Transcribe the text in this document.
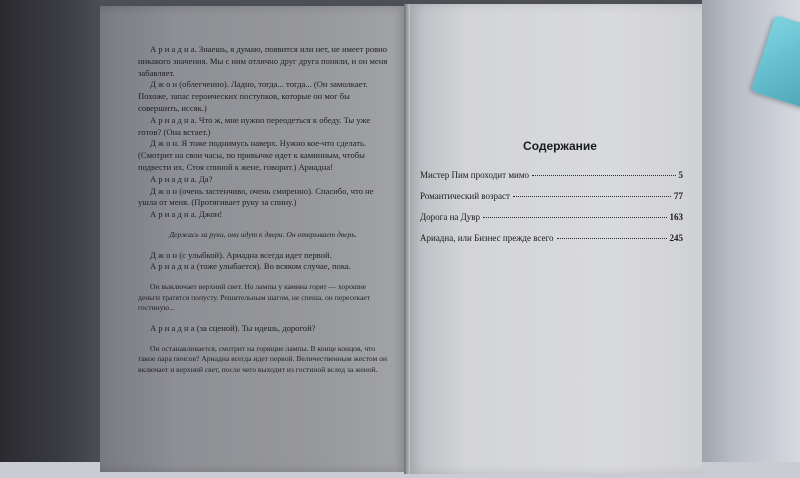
А р и а д н а. Знаешь, я думаю, появится или нет, не имеет ровно никакого значения. Мы с ним отлично друг друга поняли, и он меня забавляет.

Д ж о н (облегченно). Ладно, тогда... тогда... (Он замолкает. Похоже, запас героических поступков, которые он мог бы совершить, иссяк.)

А р и а д н а. Что ж, мне нужно переодеться к обеду. Ты уже готов? (Она встает.)

Д ж о н. Я тоже поднимусь наверх. Нужно кое-что сделать. (Смотрит на свои часы, по привычке идет к каминным, чтобы подвести их. Стоя спиной к жене, говорит.) Ариадна!

А р и а д н а. Да?

Д ж о н (очень застенчиво, очень смиренно). Спасибо, что не ушла от меня. (Протягивает руку за спину.)

А р и а д н а. Джон!

Держась за руки, они идут к двери. Он открывает дверь.

Д ж о н (с улыбкой). Ариадна всегда идет первой.

А р и а д н а (тоже улыбается). Во всяком случае, пока.

Он выключает верхний свет. Но лампы у камина горят — хорошие деньги тратятся попусту. Решительным шагом, не спеша, он пересекает гостиную...

А р и а д н а (за сценой). Ты идешь, дорогой?

Он останавливается, смотрит на горящие лампы. В конце концов, что такое пара пенсов? Ариадна всегда идет первой. Величественным жестом он включает и верхний свет, после чего выходит из гостиной вслед за женой.

Содержание
Мистер Пим проходит мимо	5
Романтический возраст	77
Дорога на Дувр	163
Ариадна, или Бизнес прежде всего	245
